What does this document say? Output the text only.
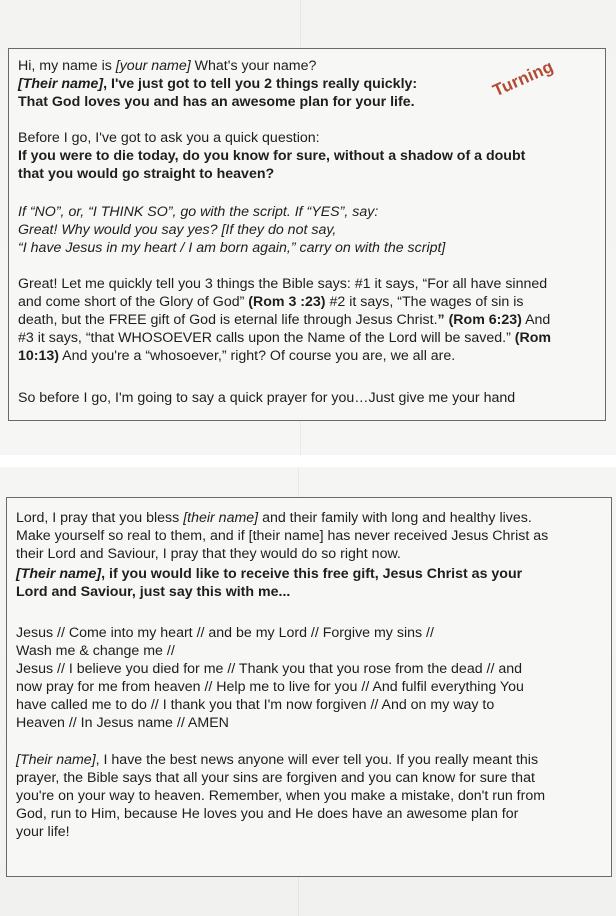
Hi, my name is [your name] What's your name?
[Their name], I've just got to tell you 2 things really quickly:
That God loves you and has an awesome plan for your life.
Before I go, I've got to ask you a quick question:
If you were to die today, do you know for sure, without a shadow of a doubt
that you would go straight to heaven?
If “NO”, or, “I THINK SO”, go with the script. If “YES”, say:
Great! Why would you say yes? [If they do not say,
“I have Jesus in my heart / I am born again,” carry on with the script]
Great! Let me quickly tell you 3 things the Bible says: #1 it says, “For all have sinned
and come short of the Glory of God” (Rom 3 :23) #2 it says, “The wages of sin is
death, but the FREE gift of God is eternal life through Jesus Christ.” (Rom 6:23) And
#3 it says, “that WHOSOEVER calls upon the Name of the Lord will be saved.” (Rom
10:13) And you're a “whosoever,” right? Of course you are, we all are.
So before I go, I'm going to say a quick prayer for you…Just give me your hand
Turning
Lord, I pray that you bless [their name] and their family with long and healthy lives.
Make yourself so real to them, and if [their name] has never received Jesus Christ as
their Lord and Saviour, I pray that they would do so right now.
[Their name], if you would like to receive this free gift, Jesus Christ as your
Lord and Saviour, just say this with me...
Jesus // Come into my heart // and be my Lord // Forgive my sins //
Wash me & change me //
Jesus // I believe you died for me // Thank you that you rose from the dead // and
now pray for me from heaven // Help me to live for you // And fulfil everything You
have called me to do // I thank you that I'm now forgiven // And on my way to
Heaven // In Jesus name // AMEN
[Their name], I have the best news anyone will ever tell you. If you really meant this
prayer, the Bible says that all your sins are forgiven and you can know for sure that
you're on your way to heaven. Remember, when you make a mistake, don't run from
God, run to Him, because He loves you and He does have an awesome plan for
your life!
